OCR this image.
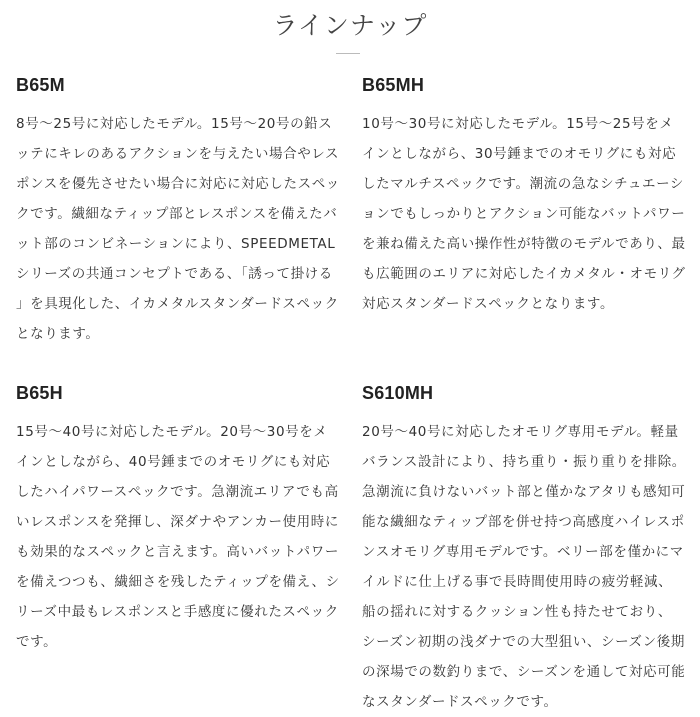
ラインナップ
B65M

8号～25号に対応したモデル。15号～20号の鉛スッテにキレのあるアクションを与えたい場合やレスポンスを優先させたい場合に対応に対応したスペックです。繊細なティップ部とレスポンスを備えたバット部のコンビネーションにより、SPEEDMETALシリーズの共通コンセプトである、「誘って掛ける」を具現化した、イカメタルスタンダードスペックとなります。

B65MH

10号～30号に対応したモデル。15号～25号をメインとしながら、30号錘までのオモリグにも対応したマルチスペックです。潮流の急なシチュエーションでもしっかりとアクション可能なバットパワーを兼ね備えた高い操作性が特徴のモデルであり、最も広範囲のエリアに対応したイカメタル・オモリグ対応スタンダードスペックとなります。

B65H

15号～40号に対応したモデル。20号～30号をメインとしながら、40号錘までのオモリグにも対応したハイパワースペックです。急潮流エリアでも高いレスポンスを発揮し、深ダナやアンカー使用時にも効果的なスペックと言えます。高いバットパワーを備えつつも、繊細さを残したティップを備え、シリーズ中最もレスポンスと手感度に優れたスペックです。

S610MH

20号～40号に対応したオモリグ専用モデル。軽量バランス設計により、持ち重り・振り重りを排除。急潮流に負けないバット部と僅かなアタリも感知可能な繊細なティップ部を併せ持つ高感度ハイレスポンスオモリグ専用モデルです。ベリー部を僅かにマイルドに仕上げる事で長時間使用時の疲労軽減、船の揺れに対するクッション性も持たせており、シーズン初期の浅ダナでの大型狙い、シーズン後期の深場での数釣りまで、シーズンを通して対応可能なスタンダードスペックです。
